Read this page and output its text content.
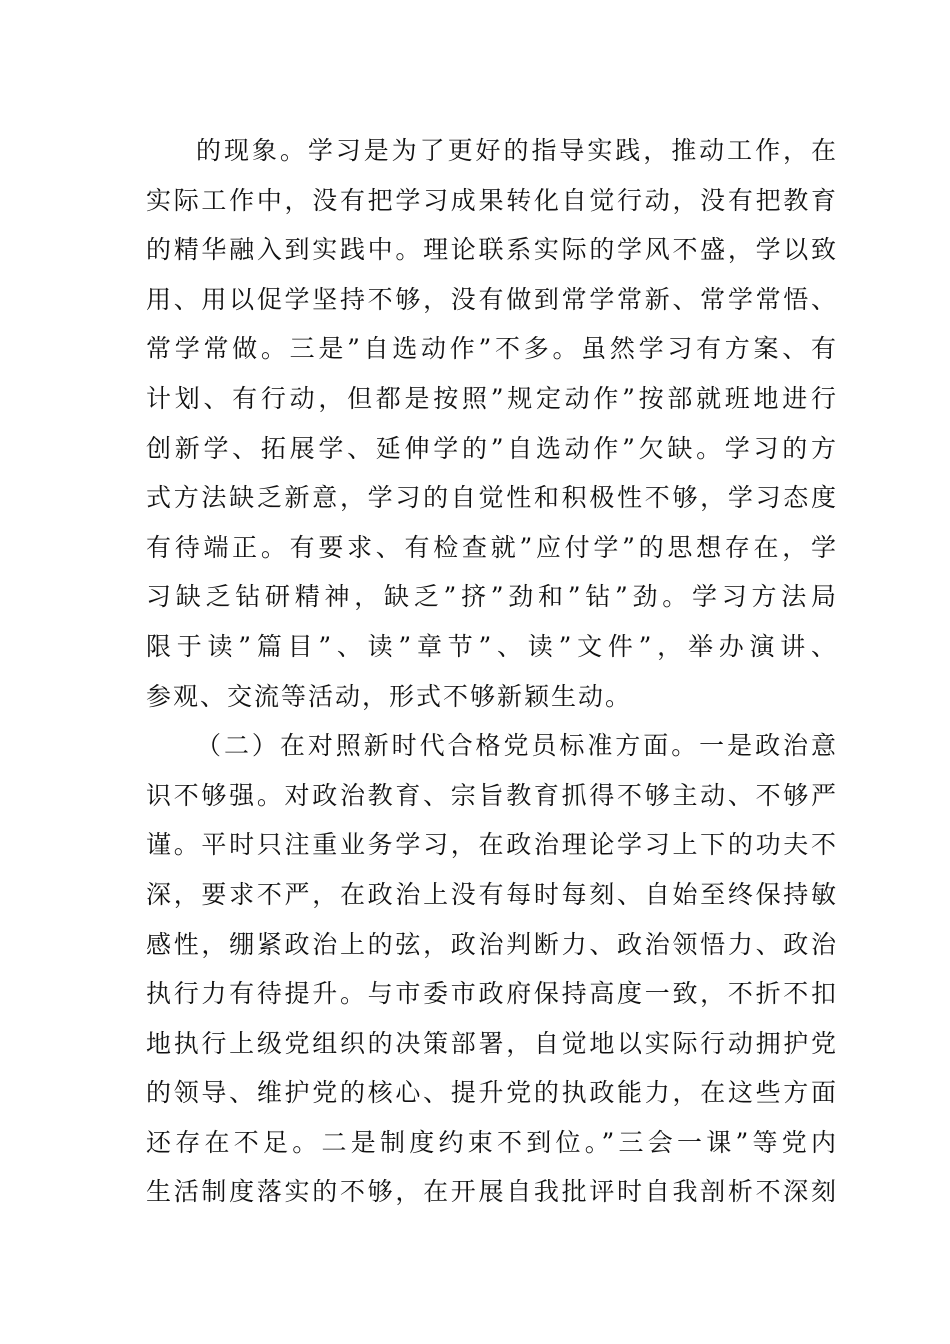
的现象。学习是为了更好的指导实践，推动工作，在
实际工作中，没有把学习成果转化自觉行动，没有把教育
的精华融入到实践中。理论联系实际的学风不盛，学以致
用、用以促学坚持不够，没有做到常学常新、常学常悟、
常学常做。三是”自选动作”不多。虽然学习有方案、有
计划、有行动，但都是按照”规定动作”按部就班地进行
创新学、拓展学、延伸学的”自选动作”欠缺。学习的方
式方法缺乏新意，学习的自觉性和积极性不够，学习态度
有待端正。有要求、有检查就”应付学”的思想存在，学
习缺乏钻研精神，缺乏”挤”劲和”钻”劲。学习方法局
限于读”篇目”、读”章节”、读”文件”，举办演讲、
参观、交流等活动，形式不够新颖生动。
（二）在对照新时代合格党员标准方面。一是政治意
识不够强。对政治教育、宗旨教育抓得不够主动、不够严
谨。平时只注重业务学习，在政治理论学习上下的功夫不
深，要求不严，在政治上没有每时每刻、自始至终保持敏
感性，绷紧政治上的弦，政治判断力、政治领悟力、政治
执行力有待提升。与市委市政府保持高度一致，不折不扣
地执行上级党组织的决策部署，自觉地以实际行动拥护党
的领导、维护党的核心、提升党的执政能力，在这些方面
还存在不足。二是制度约束不到位。”三会一课”等党内
生活制度落实的不够，在开展自我批评时自我剖析不深刻
